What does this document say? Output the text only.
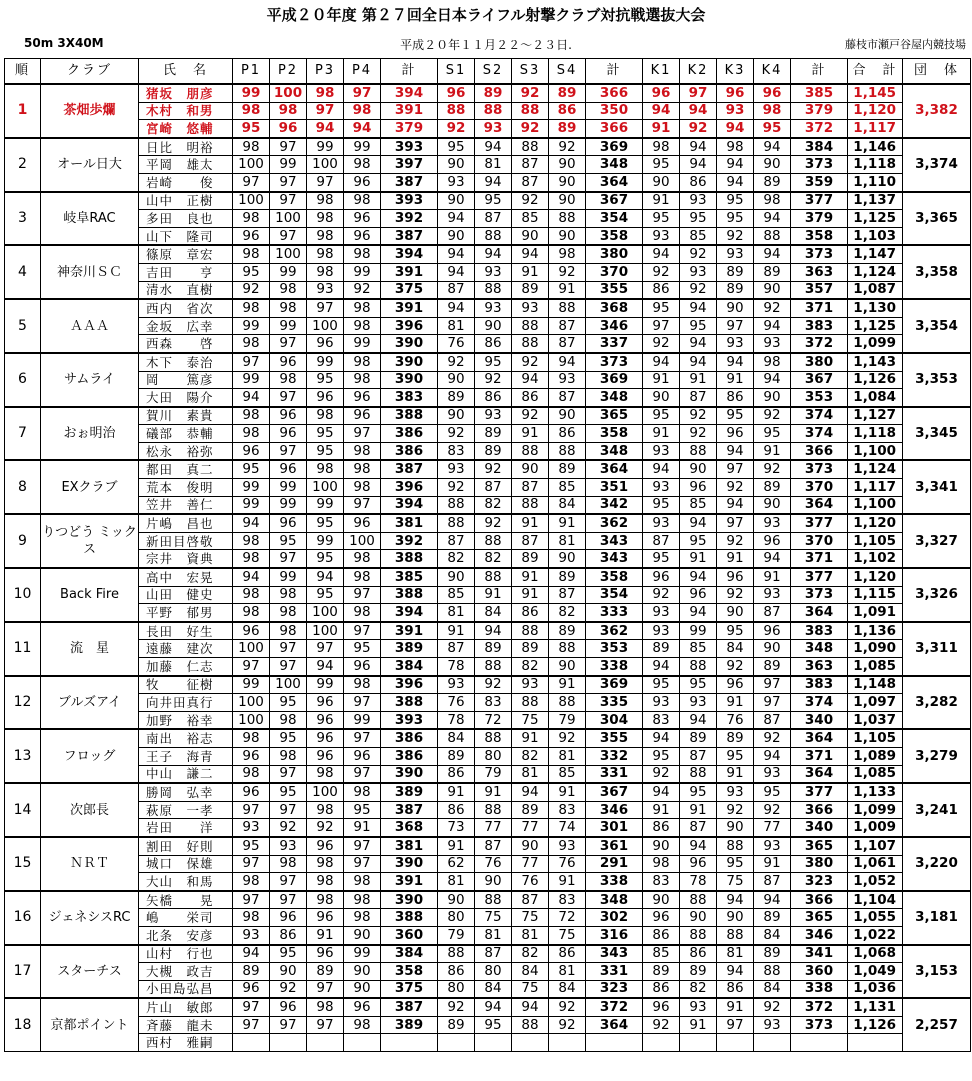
平成２０年度 第２７回全日本ライフル射撃クラブ対抗戦選抜大会
50m 3X40M	平成２０年１１月２２～２３日.	藤枝市瀬戸谷屋内競技場
順	クラブ	氏　名	P1	P2	P3	P4	計	S1	S2	S3	S4	計	K1	K2	K3	K4	計	合　計	団　体
1	茶畑歩爛	猪坂　朋彦	99	100	98	97	394	96	89	92	89	366	96	97	96	96	385	1,145	3,382
		木村　和男	98	98	97	98	391	88	88	88	86	350	94	94	93	98	379	1,120	
		宮崎　悠輔	95	96	94	94	379	92	93	92	89	366	91	92	94	95	372	1,117	
2	オール日大	日比　明裕	98	97	99	99	393	95	94	88	92	369	98	94	98	94	384	1,146	3,374
		平岡　雄太	100	99	100	98	397	90	81	87	90	348	95	94	94	90	373	1,118	
		岩崎　　俊	97	97	97	96	387	93	94	87	90	364	90	86	94	89	359	1,110	
3	岐阜RAC	山中　正樹	100	97	98	98	393	90	95	92	90	367	91	93	95	98	377	1,137	3,365
		多田　良也	98	100	98	96	392	94	87	85	88	354	95	95	95	94	379	1,125	
		山下　隆司	96	97	98	96	387	90	88	90	90	358	93	85	92	88	358	1,103	
4	神奈川ＳＣ	篠原　章宏	98	100	98	98	394	94	94	94	98	380	94	92	93	94	373	1,147	3,358
		吉田　　亨	95	99	98	99	391	94	93	91	92	370	92	93	89	89	363	1,124	
		清水　直樹	92	98	93	92	375	87	88	89	91	355	86	92	89	90	357	1,087	
5	ＡＡＡ	西内　省次	98	98	97	98	391	94	93	93	88	368	95	94	90	92	371	1,130	3,354
		金坂　広幸	99	99	100	98	396	81	90	88	87	346	97	95	97	94	383	1,125	
		西森　　啓	98	97	96	99	390	76	86	88	87	337	92	94	93	93	372	1,099	
6	サムライ	木下　泰治	97	96	99	98	390	92	95	92	94	373	94	94	94	98	380	1,143	3,353
		岡　　篤彦	99	98	95	98	390	90	92	94	93	369	91	91	91	94	367	1,126	
		大田　陽介	94	97	96	96	383	89	86	86	87	348	90	87	86	90	353	1,084	
7	おぉ明治	賀川　素貴	98	96	98	96	388	90	93	92	90	365	95	92	95	92	374	1,127	3,345
		礒部　恭輔	98	96	95	97	386	92	89	91	86	358	91	92	96	95	374	1,118	
		松永　裕弥	96	97	95	98	386	83	89	88	88	348	93	88	94	91	366	1,100	
8	EXクラブ	都田　真二	95	96	98	98	387	93	92	90	89	364	94	90	97	92	373	1,124	3,341
		荒本　俊明	99	99	100	98	396	92	87	87	85	351	93	96	92	89	370	1,117	
		笠井　善仁	99	99	99	97	394	88	82	88	84	342	95	85	94	90	364	1,100	
9	りつどう ミックス	片嶋　昌也	94	96	95	96	381	88	92	91	91	362	93	94	97	93	377	1,120	3,327
		新田目啓敬	98	95	99	100	392	87	88	87	81	343	87	95	92	96	370	1,105	
		宗井　資典	98	97	95	98	388	82	82	89	90	343	95	91	91	94	371	1,102	
10	Back Fire	高中　宏晃	94	99	94	98	385	90	88	91	89	358	96	94	96	91	377	1,120	3,326
		山田　健史	98	98	95	97	388	85	91	91	87	354	92	96	92	93	373	1,115	
		平野　郁男	98	98	100	98	394	81	84	86	82	333	93	94	90	87	364	1,091	
11	流　星	長田　好生	96	98	100	97	391	91	94	88	89	362	93	99	95	96	383	1,136	3,311
		遠藤　建次	100	97	97	95	389	87	89	89	88	353	89	85	84	90	348	1,090	
		加藤　仁志	97	97	94	96	384	78	88	82	90	338	94	88	92	89	363	1,085	
12	ブルズアイ	牧　　征樹	99	100	99	98	396	93	92	93	91	369	95	95	96	97	383	1,148	3,282
		向井田真行	100	95	96	97	388	76	83	88	88	335	93	93	91	97	374	1,097	
		加野　裕幸	100	98	96	99	393	78	72	75	79	304	83	94	76	87	340	1,037	
13	フロッグ	南出　裕志	98	95	96	97	386	84	88	91	92	355	94	89	89	92	364	1,105	3,279
		王子　海青	96	98	96	96	386	89	80	82	81	332	95	87	95	94	371	1,089	
		中山　謙二	98	97	98	97	390	86	79	81	85	331	92	88	91	93	364	1,085	
14	次郎長	勝岡　弘幸	96	95	100	98	389	91	91	94	91	367	94	95	93	95	377	1,133	3,241
		萩原　一孝	97	97	98	95	387	86	88	89	83	346	91	91	92	92	366	1,099	
		岩田　　洋	93	92	92	91	368	73	77	77	74	301	86	87	90	77	340	1,009	
15	ＮＲＴ	割田　好則	95	93	96	97	381	91	87	90	93	361	90	94	88	93	365	1,107	3,220
		城口　保雄	97	98	98	97	390	62	76	77	76	291	98	96	95	91	380	1,061	
		大山　和馬	98	97	98	98	391	81	90	76	91	338	83	78	75	87	323	1,052	
16	ジェネシスRC	矢橋　　晃	97	97	98	98	390	90	88	87	83	348	90	88	94	94	366	1,104	3,181
		嶋　　栄司	98	96	96	98	388	80	75	75	72	302	96	90	90	89	365	1,055	
		北条　安彦	93	86	91	90	360	79	81	81	75	316	86	88	88	84	346	1,022	
17	スターチス	山村　行也	94	95	96	99	384	88	87	82	86	343	85	86	81	89	341	1,068	3,153
		大槻　政吉	89	90	89	90	358	86	80	84	81	331	89	89	94	88	360	1,049	
		小田島弘昌	96	92	97	90	375	80	84	75	84	323	86	82	86	84	338	1,036	
18	京都ポイント	片山　敏郎	97	96	98	96	387	92	94	94	92	372	96	93	91	92	372	1,131	2,257
		斉藤　龍未	97	97	97	98	389	89	95	88	92	364	92	91	97	93	373	1,126	
		西村　雅嗣																	
